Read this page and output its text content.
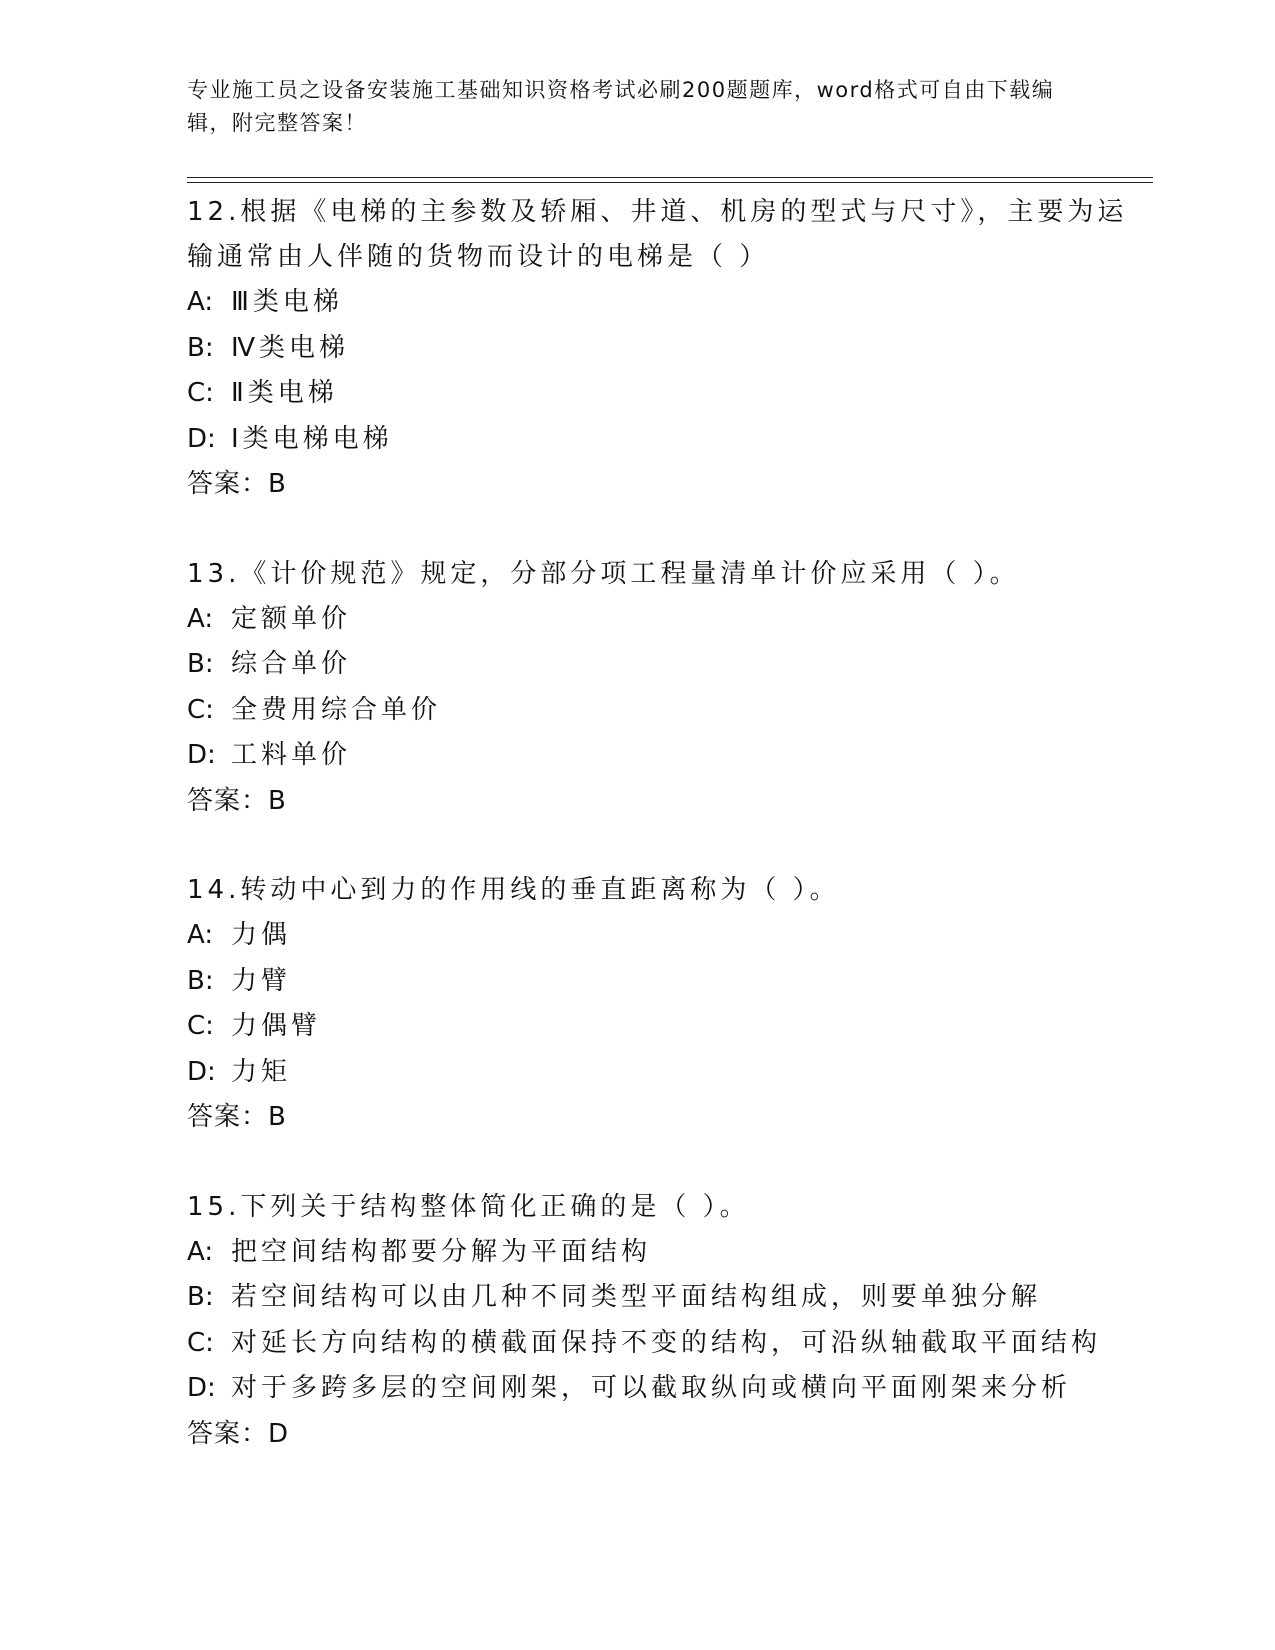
专业施工员之设备安装施工基础知识资格考试必刷200题题库，word格式可自由下载编辑，附完整答案！

12.根据《电梯的主参数及轿厢、井道、机房的型式与尺寸》，主要为运输通常由人伴随的货物而设计的电梯是（ ）

A: Ⅲ类电梯

B: Ⅳ类电梯

C: Ⅱ类电梯

D: Ⅰ类电梯电梯

答案：B

13.《计价规范》规定，分部分项工程量清单计价应采用（ ）。

A: 定额单价

B: 综合单价

C: 全费用综合单价

D: 工料单价

答案：B

14.转动中心到力的作用线的垂直距离称为（ ）。

A: 力偶

B: 力臂

C: 力偶臂

D: 力矩

答案：B

15.下列关于结构整体简化正确的是（ ）。

A: 把空间结构都要分解为平面结构

B: 若空间结构可以由几种不同类型平面结构组成，则要单独分解

C: 对延长方向结构的横截面保持不变的结构，可沿纵轴截取平面结构

D: 对于多跨多层的空间刚架，可以截取纵向或横向平面刚架来分析

答案：D
